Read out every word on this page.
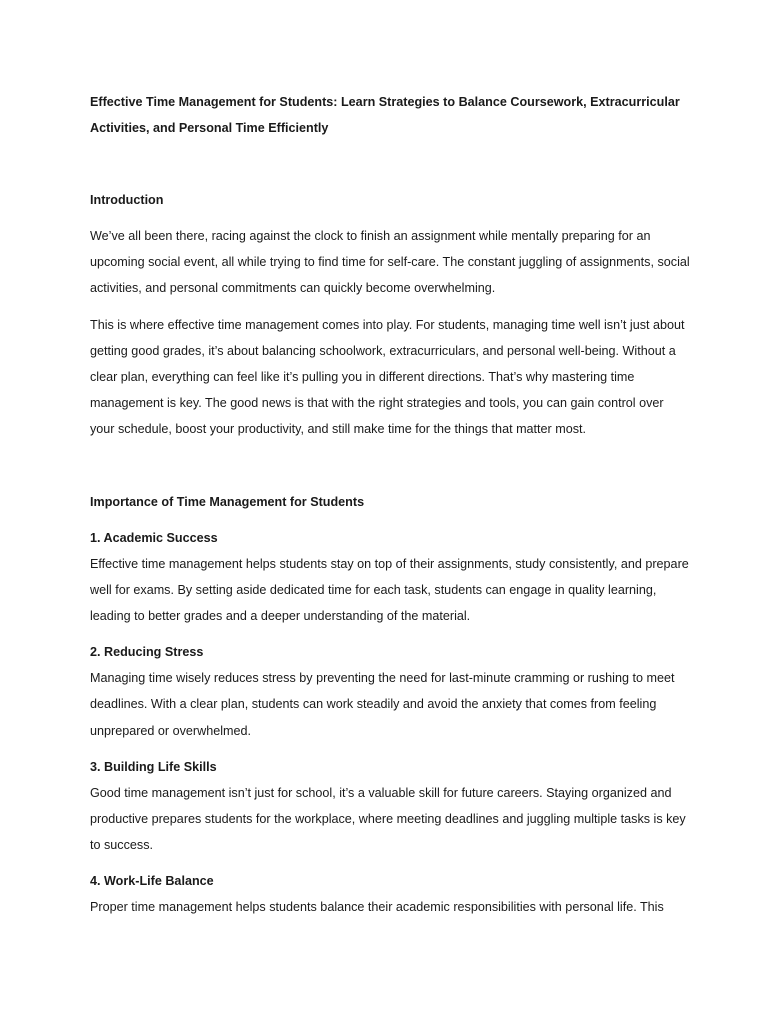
Effective Time Management for Students: Learn Strategies to Balance Coursework, Extracurricular Activities, and Personal Time Efficiently

Introduction

We’ve all been there, racing against the clock to finish an assignment while mentally preparing for an upcoming social event, all while trying to find time for self-care. The constant juggling of assignments, social activities, and personal commitments can quickly become overwhelming.

This is where effective time management comes into play. For students, managing time well isn’t just about getting good grades, it’s about balancing schoolwork, extracurriculars, and personal well-being. Without a clear plan, everything can feel like it’s pulling you in different directions. That’s why mastering time management is key. The good news is that with the right strategies and tools, you can gain control over your schedule, boost your productivity, and still make time for the things that matter most.

Importance of Time Management for Students

1. Academic Success

Effective time management helps students stay on top of their assignments, study consistently, and prepare well for exams. By setting aside dedicated time for each task, students can engage in quality learning, leading to better grades and a deeper understanding of the material.

2. Reducing Stress

Managing time wisely reduces stress by preventing the need for last-minute cramming or rushing to meet deadlines. With a clear plan, students can work steadily and avoid the anxiety that comes from feeling unprepared or overwhelmed.

3. Building Life Skills

Good time management isn’t just for school, it’s a valuable skill for future careers. Staying organized and productive prepares students for the workplace, where meeting deadlines and juggling multiple tasks is key to success.

4. Work-Life Balance

Proper time management helps students balance their academic responsibilities with personal life. This
